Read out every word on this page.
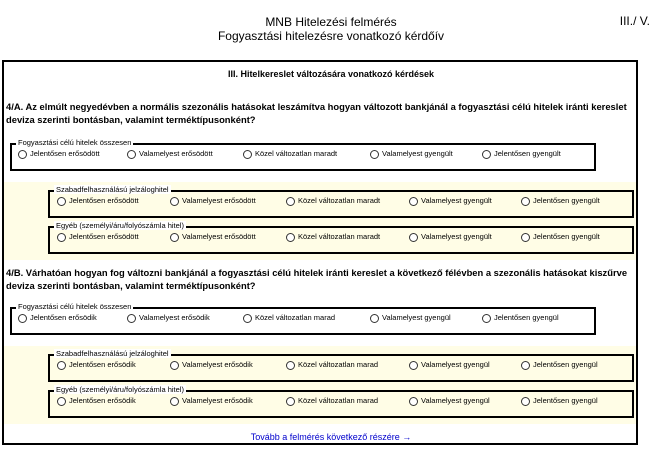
MNB Hitelezési felmérés
Fogyasztási hitelezésre vonatkozó kérdőív
III./ V.
III. Hitelkereslet változására vonatkozó kérdések
4/A. Az elmúlt negyedévben a normális szezonális hatásokat leszámítva hogyan változott bankjánál a fogyasztási célú hitelek iránti kereslet deviza szerinti bontásban, valamint terméktípusonként?
4/B. Várhatóan hogyan fog változni bankjánál a fogyasztási célú hitelek iránti kereslet a következő félévben a szezonális hatásokat kiszűrve deviza szerinti bontásban, valamint terméktípusonként?
Fogyasztási célú hitelek összesen
Jelentősen erősödött	Valamelyest erősödött	Közel változatlan maradt	Valamelyest gyengült	Jelentősen gyengült
Szabadfelhasználású jelzáloghitel
Jelentősen erősödött	Valamelyest erősödött	Közel változatlan maradt	Valamelyest gyengült	Jelentősen gyengült
Egyéb (személyi/áru/folyószámla hitel)
Jelentősen erősödött	Valamelyest erősödött	Közel változatlan maradt	Valamelyest gyengült	Jelentősen gyengült
Fogyasztási célú hitelek összesen
Jelentősen erősödik	Valamelyest erősödik	Közel változatlan marad	Valamelyest gyengül	Jelentősen gyengül
Szabadfelhasználású jelzáloghitel
Jelentősen erősödik	Valamelyest erősödik	Közel változatlan marad	Valamelyest gyengül	Jelentősen gyengül
Egyéb (személyi/áru/folyószámla hitel)
Jelentősen erősödik	Valamelyest erősödik	Közel változatlan marad	Valamelyest gyengül	Jelentősen gyengül
Tovább a felmérés következő részére →
